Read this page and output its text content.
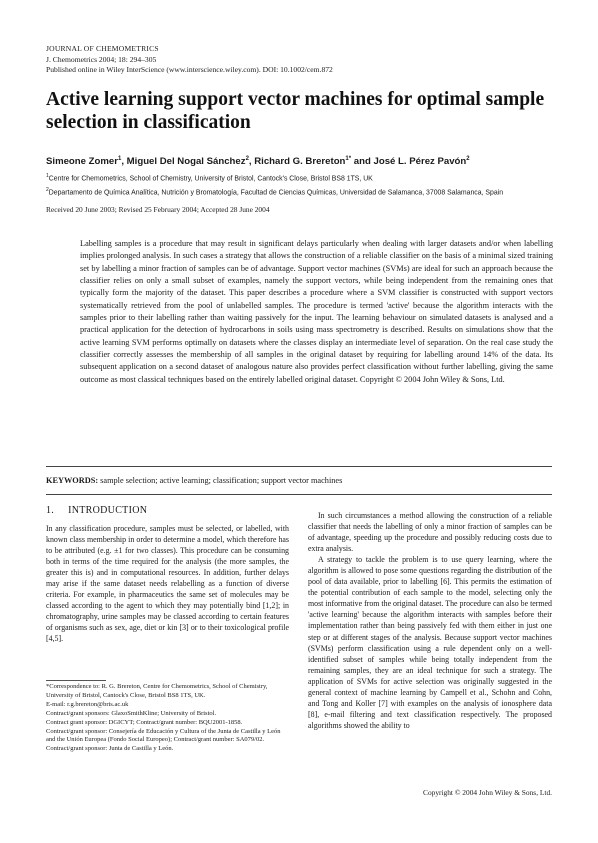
JOURNAL OF CHEMOMETRICS
J. Chemometrics 2004; 18: 294–305
Published online in Wiley InterScience (www.interscience.wiley.com). DOI: 10.1002/cem.872
Active learning support vector machines for optimal sample selection in classification
Simeone Zomer$^1$, Miguel Del Nogal Sánchez$^2$, Richard G. Brereton$^{1*}$ and José L. Pérez Pavón$^2$
$^1$Centre for Chemometrics, School of Chemistry, University of Bristol, Cantock's Close, Bristol BS8 1TS, UK
$^2$Departamento de Química Analítica, Nutrición y Bromatología, Facultad de Ciencias Químicas, Universidad de Salamanca, 37008 Salamanca, Spain
Received 20 June 2003; Revised 25 February 2004; Accepted 28 June 2004
Labelling samples is a procedure that may result in significant delays particularly when dealing with larger datasets and/or when labelling implies prolonged analysis. In such cases a strategy that allows the construction of a reliable classifier on the basis of a minimal sized training set by labelling a minor fraction of samples can be of advantage. Support vector machines (SVMs) are ideal for such an approach because the classifier relies on only a small subset of examples, namely the support vectors, while being independent from the remaining ones that typically form the majority of the dataset. This paper describes a procedure where a SVM classifier is constructed with support vectors systematically retrieved from the pool of unlabelled samples. The procedure is termed 'active' because the algorithm interacts with the samples prior to their labelling rather than waiting passively for the input. The learning behaviour on simulated datasets is analysed and a practical application for the detection of hydrocarbons in soils using mass spectrometry is described. Results on simulations show that the active learning SVM performs optimally on datasets where the classes display an intermediate level of separation. On the real case study the classifier correctly assesses the membership of all samples in the original dataset by requiring for labelling around 14% of the data. Its subsequent application on a second dataset of analogous nature also provides perfect classification without further labelling, giving the same outcome as most classical techniques based on the entirely labelled original dataset. Copyright © 2004 John Wiley & Sons, Ltd.
KEYWORDS: sample selection; active learning; classification; support vector machines
1. INTRODUCTION

In any classification procedure, samples must be selected, or labelled, with known class membership in order to determine a model, which therefore has to be attributed (e.g. ±1 for two classes). This procedure can be consuming both in terms of the time required for the analysis (the more samples, the greater this is) and in computational resources. In addition, further delays may arise if the same dataset needs relabelling as a function of diverse criteria. For example, in pharmaceutics the same set of molecules may be classed according to the agent to which they may potentially bind [1,2]; in chromatography, urine samples may be classed according to certain features of organisms such as sex, age, diet or kin [3] or to their toxicological profile [4,5].

In such circumstances a method allowing the construction of a reliable classifier that needs the labelling of only a minor fraction of samples can be of advantage, speeding up the procedure and possibly reducing costs due to extra analysis.

A strategy to tackle the problem is to use query learning, where the algorithm is allowed to pose some questions regarding the distribution of the pool of data available, prior to labelling [6]. This permits the estimation of the potential contribution of each sample to the model, selecting only the most informative from the original dataset. The procedure can also be termed 'active learning' because the algorithm interacts with samples before their implementation rather than being passively fed with them either in just one step or at different stages of the analysis. Because support vector machines (SVMs) perform classification using a rule dependent only on a well-identified subset of samples while being totally independent from the remaining samples, they are an ideal technique for such a strategy. The application of SVMs for active selection was originally suggested in the general context of machine learning by Campell et al., Schohn and Cohn, and Tong and Koller [7] with examples on the analysis of ionosphere data [8], e-mail filtering and text classification respectively. The proposed algorithms showed the ability to

*Correspondence to: R. G. Brereton, Centre for Chemometrics, School of Chemistry, University of Bristol, Cantock's Close, Bristol BS8 1TS, UK.
E-mail: r.g.brereton@bris.ac.uk
Contract/grant sponsors: GlaxoSmithKline; University of Bristol.
Contract grant sponsor: DGICYT; Contract/grant number: BQU2001-1858.
Contract/grant sponsor: Consejería de Educación y Cultura of the Junta de Castilla y León and the Unión Europea (Fondo Social Europeo); Contract/grant number: SA079/02.
Contract/grant sponsor: Junta de Castilla y León.
Copyright © 2004 John Wiley & Sons, Ltd.
